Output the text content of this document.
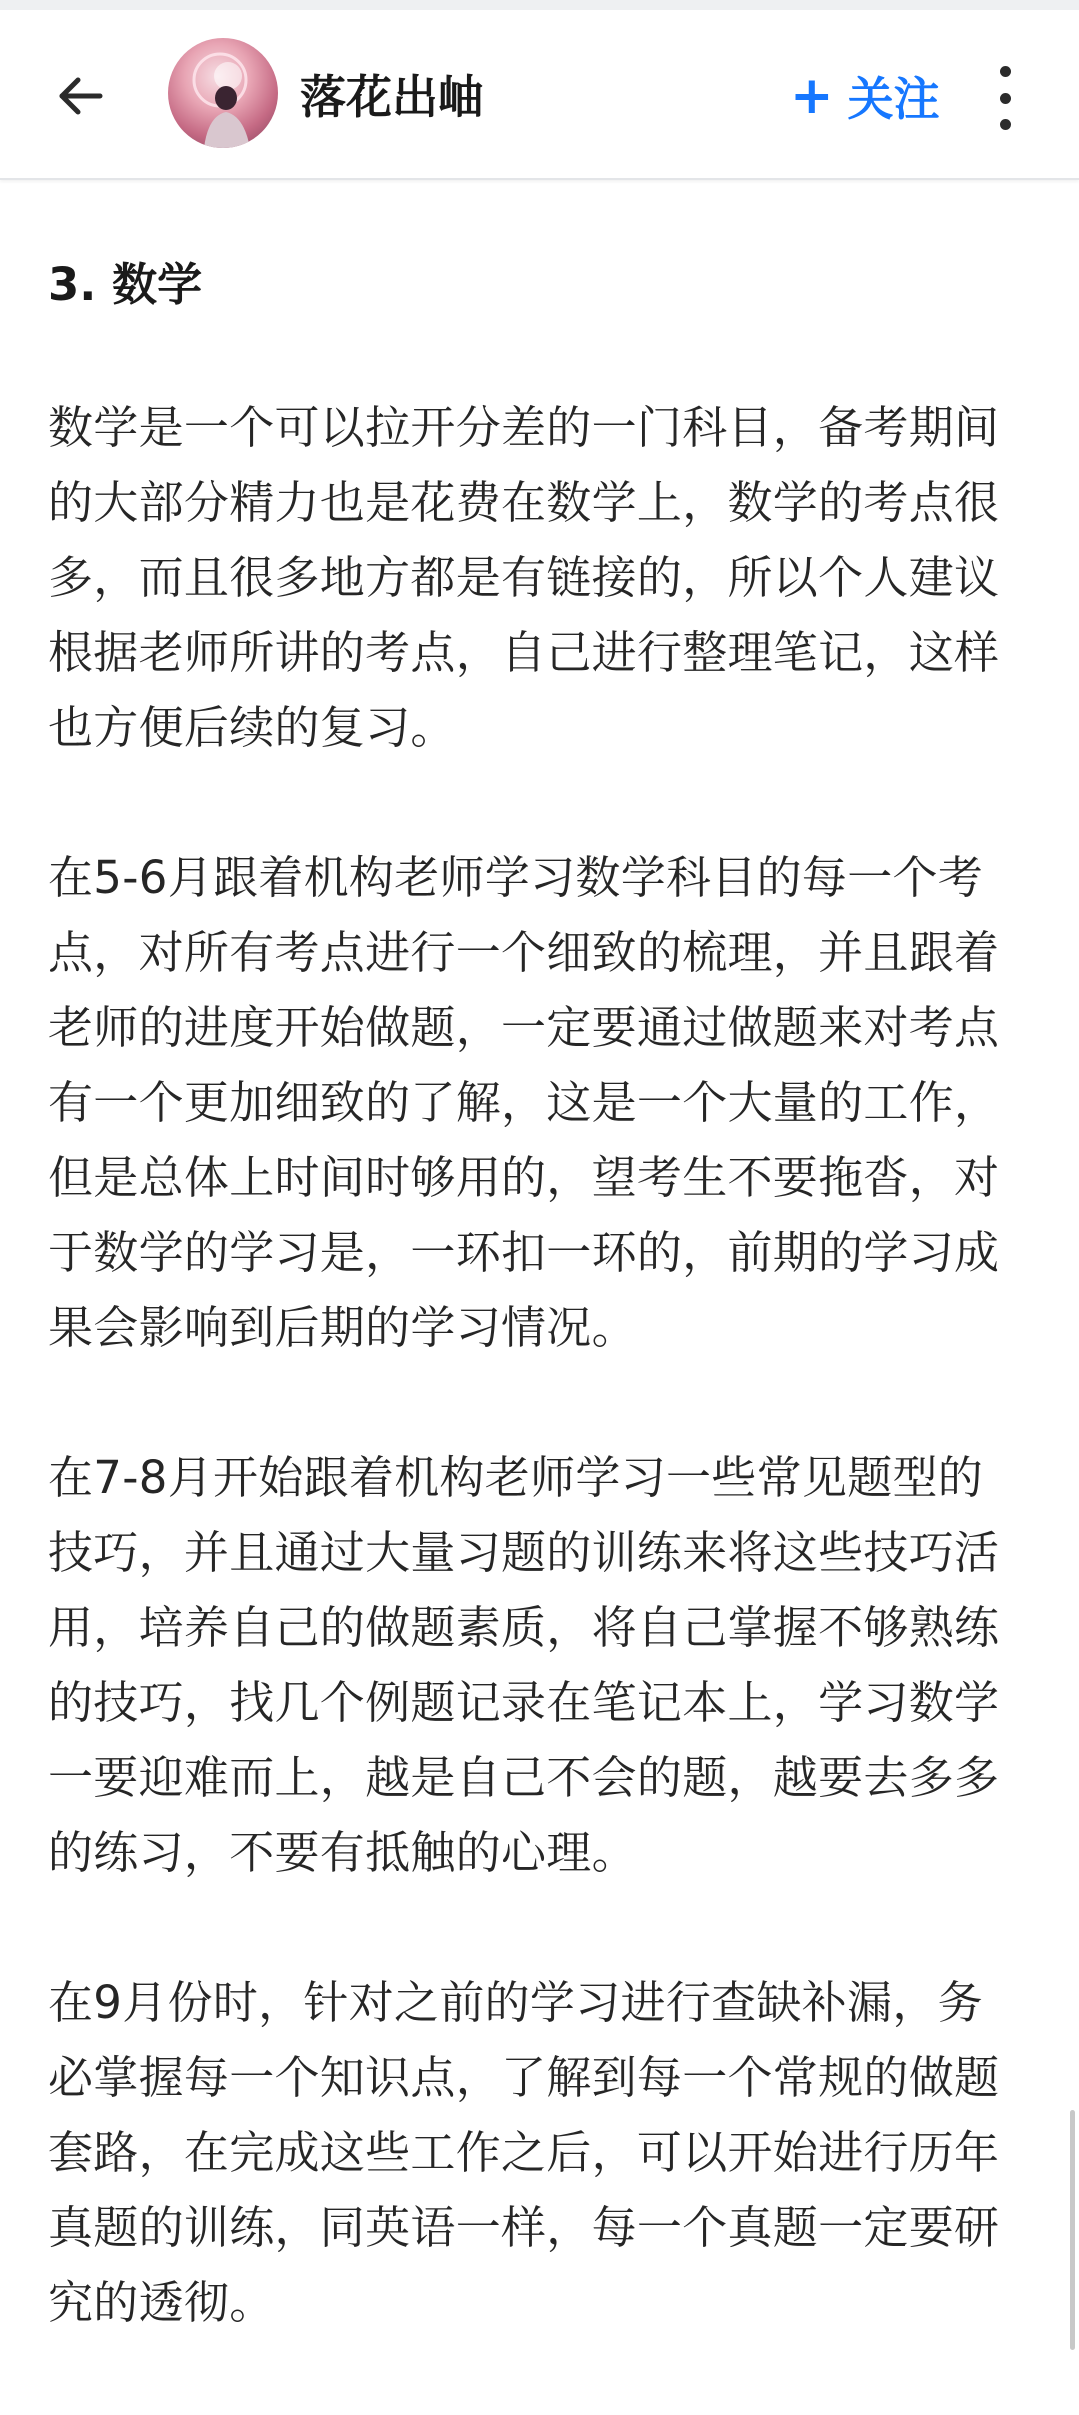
落花出岫	+ 关注
3. 数学

数学是一个可以拉开分差的一门科目，备考期间的大部分精力也是花费在数学上，数学的考点很多，而且很多地方都是有链接的，所以个人建议根据老师所讲的考点，自己进行整理笔记，这样也方便后续的复习。

在5-6月跟着机构老师学习数学科目的每一个考点，对所有考点进行一个细致的梳理，并且跟着老师的进度开始做题，一定要通过做题来对考点有一个更加细致的了解，这是一个大量的工作，但是总体上时间时够用的，望考生不要拖沓，对于数学的学习是，一环扣一环的，前期的学习成果会影响到后期的学习情况。

在7-8月开始跟着机构老师学习一些常见题型的技巧，并且通过大量习题的训练来将这些技巧活用，培养自己的做题素质，将自己掌握不够熟练的技巧，找几个例题记录在笔记本上，学习数学一要迎难而上，越是自己不会的题，越要去多多的练习，不要有抵触的心理。

在9月份时，针对之前的学习进行查缺补漏，务必掌握每一个知识点，了解到每一个常规的做题套路，在完成这些工作之后，可以开始进行历年真题的训练，同英语一样，每一个真题一定要研究的透彻。
